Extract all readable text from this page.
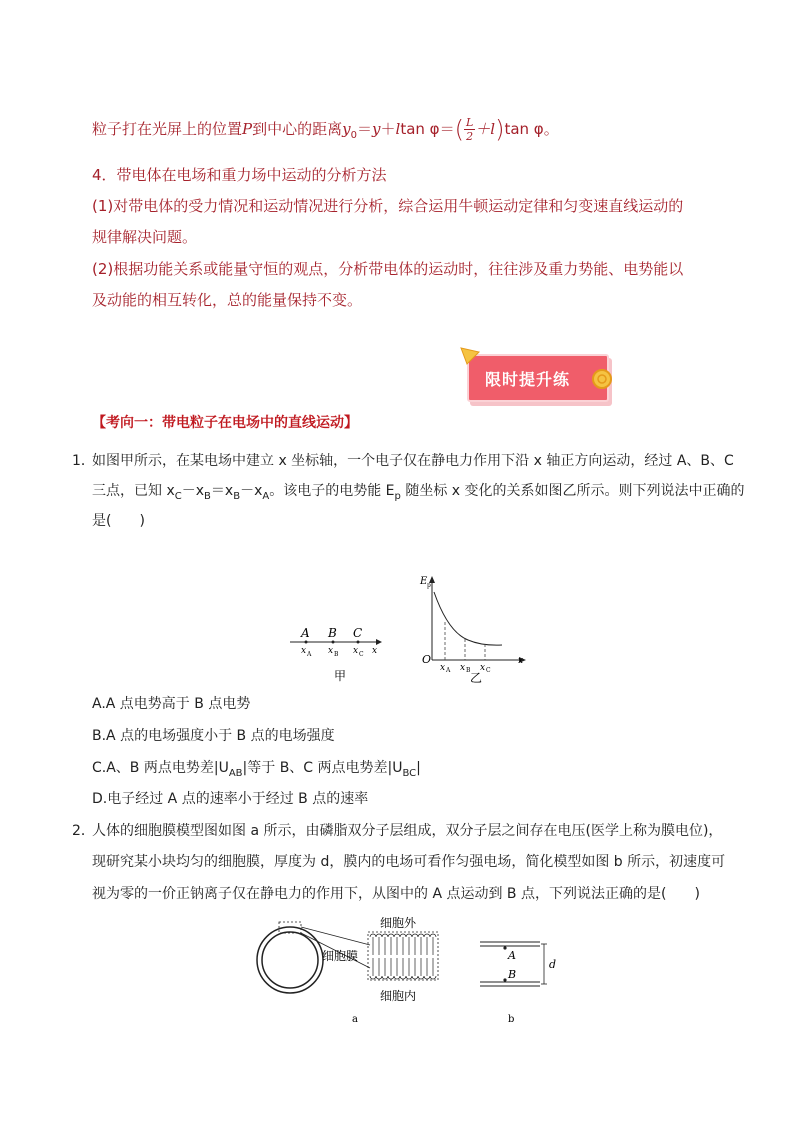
粒子打在光屏上的位置P到中心的距离$y_0=y+ltan$ $\varphi=( \frac{L}{2} +l)\tan$ φ。
4．带电体在电场和重力场中运动的分析方法
(1)对带电体的受力情况和运动情况进行分析，综合运用牛顿运动定律和匀变速直线运动的
规律解决问题。
(2)根据功能关系或能量守恒的观点，分析带电体的运动时，往往涉及重力势能、电势能以
及动能的相互转化，总的能量保持不变。
限时提升练
【考向一：带电粒子在电场中的直线运动】
1．
如图甲所示，在某电场中建立 x 坐标轴，一个电子仅在静电力作用下沿 x 轴正方向运动，经过 A、B、C
三点，已知 $x_C-x_B=x_B-x_A$。该电子的电势能 $E_p$ 随坐标 x 变化的关系如图乙所示。则下列说法中正确的
是(　　)
A B C
x A x B x C x
甲
E p
O
x A x B x C
x
乙
A.A 点电势高于 B 点电势
B.A 点的电场强度小于 B 点的电场强度
C.A、B 两点电势差$|U_{AB}|$等于 B、C 两点电势差$|U_{BC}|$
D.电子经过 A 点的速率小于经过 B 点的速率
2．
人体的细胞膜模型图如图 a 所示，由磷脂双分子层组成，双分子层之间存在电压(医学上称为膜电位)，
现研究某小块均匀的细胞膜，厚度为 d，膜内的电场可看作匀强电场，简化模型如图 b 所示，初速度可
视为零的一价正钠离子仅在静电力的作用下，从图中的 A 点运动到 B 点，下列说法正确的是(　　)
细胞外
细胞膜
细胞内
a
A
B
d
b
